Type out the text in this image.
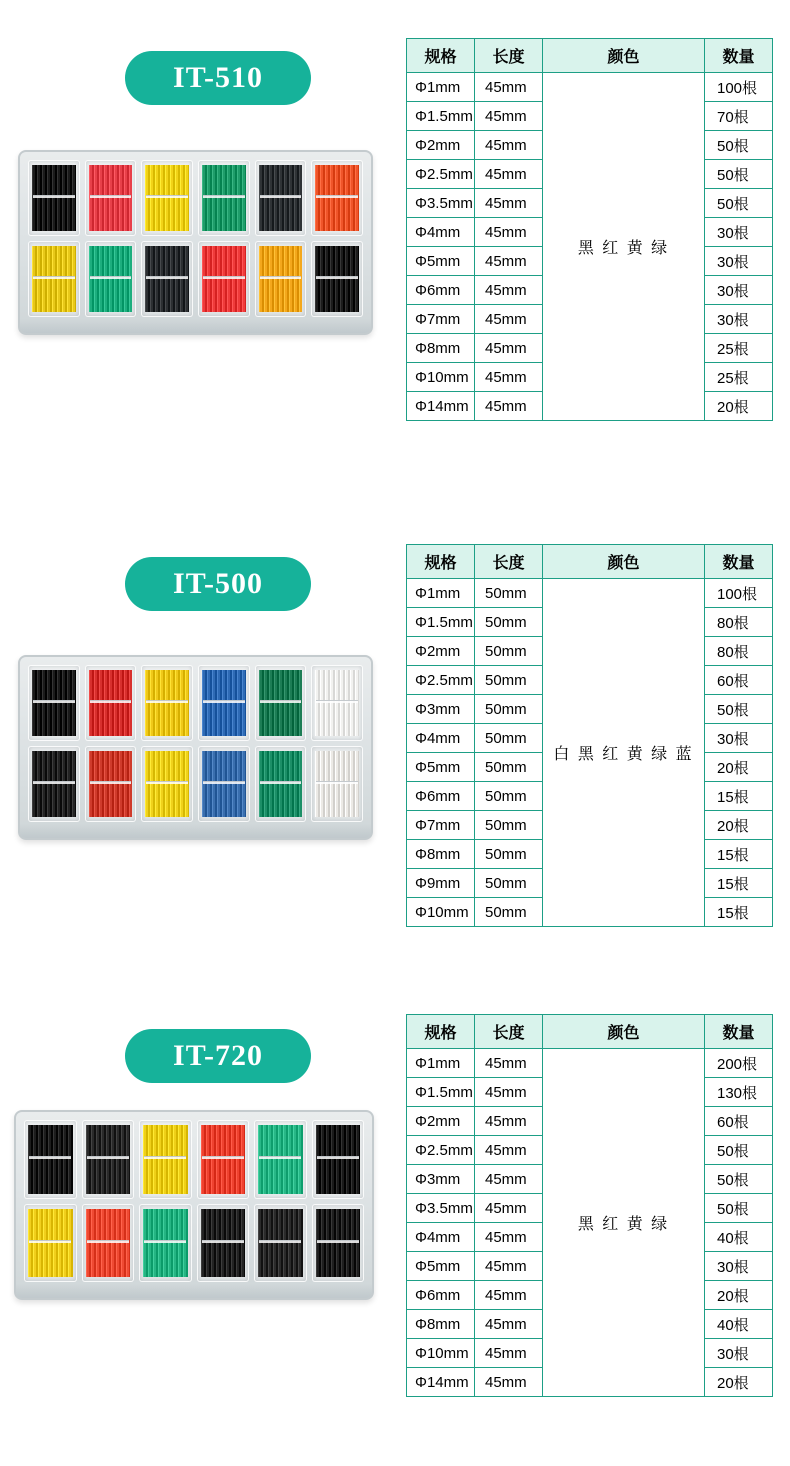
IT-510
规格	长度	颜色	数量
Φ1mm	45mm	黑 红 黄 绿	100根
Φ1.5mm	45mm		70根
Φ2mm	45mm		50根
Φ2.5mm	45mm		50根
Φ3.5mm	45mm		50根
Φ4mm	45mm		30根
Φ5mm	45mm		30根
Φ6mm	45mm		30根
Φ7mm	45mm		30根
Φ8mm	45mm		25根
Φ10mm	45mm		25根
Φ14mm	45mm		20根
IT-500
规格	长度	颜色	数量
Φ1mm	50mm	白 黑 红 黄 绿 蓝	100根
Φ1.5mm	50mm		80根
Φ2mm	50mm		80根
Φ2.5mm	50mm		60根
Φ3mm	50mm		50根
Φ4mm	50mm		30根
Φ5mm	50mm		20根
Φ6mm	50mm		15根
Φ7mm	50mm		20根
Φ8mm	50mm		15根
Φ9mm	50mm		15根
Φ10mm	50mm		15根
IT-720
规格	长度	颜色	数量
Φ1mm	45mm	黑 红 黄 绿	200根
Φ1.5mm	45mm		130根
Φ2mm	45mm		60根
Φ2.5mm	45mm		50根
Φ3mm	45mm		50根
Φ3.5mm	45mm		50根
Φ4mm	45mm		40根
Φ5mm	45mm		30根
Φ6mm	45mm		20根
Φ8mm	45mm		40根
Φ10mm	45mm		30根
Φ14mm	45mm		20根
